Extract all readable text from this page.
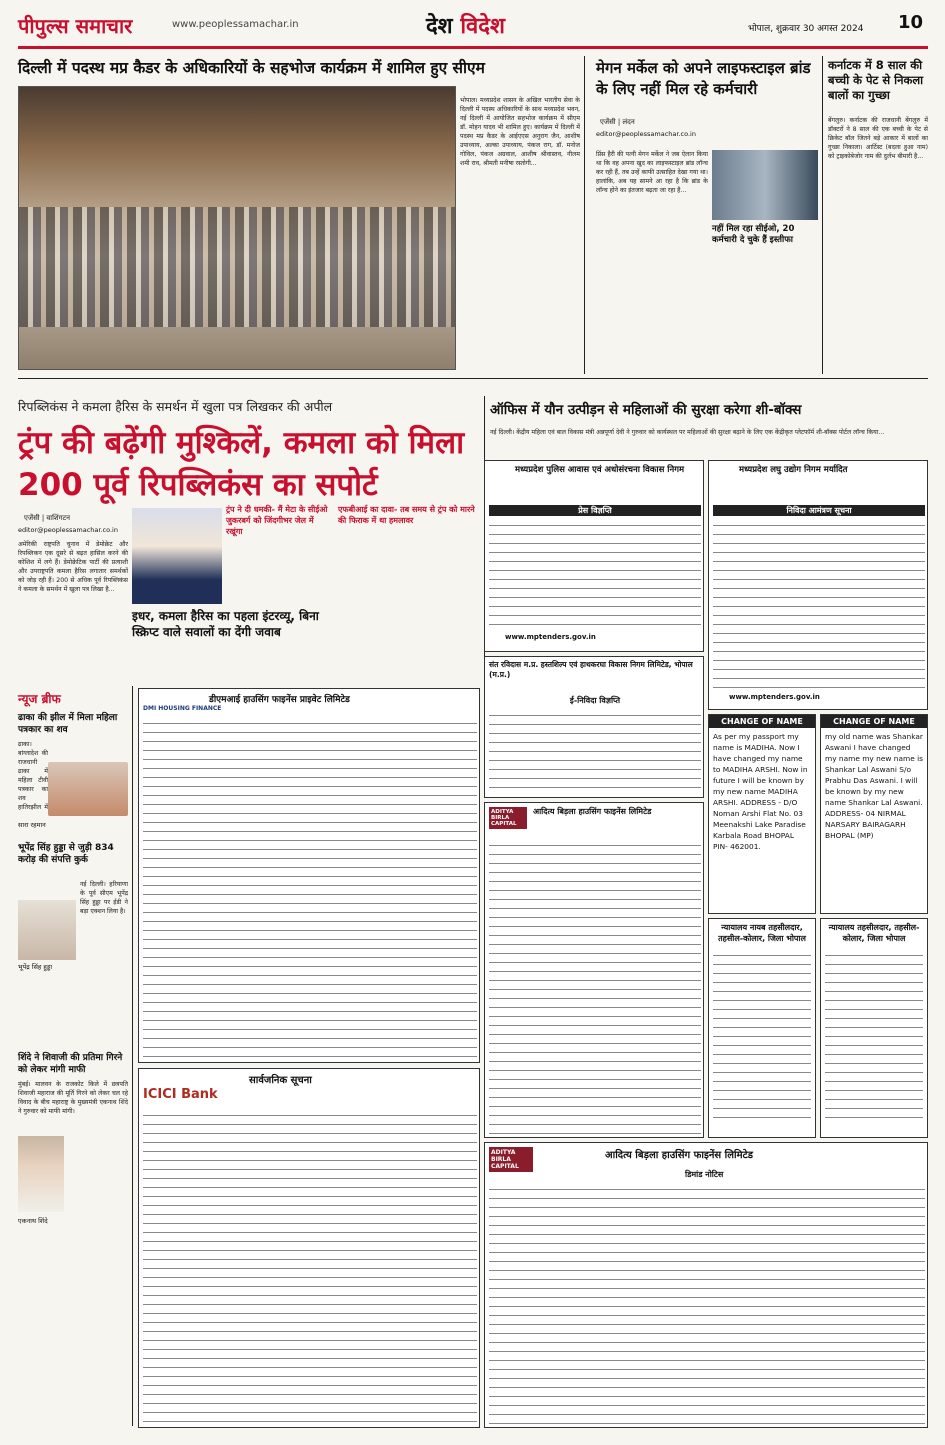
पीपुल्स समाचार	www.peoplessamachar.in	देश विदेश	भोपाल, शुक्रवार 30 अगस्त 2024 10
दिल्ली में पदस्थ मप्र कैडर के अधिकारियों के सहभोज कार्यक्रम में शामिल हुए सीएम
भोपाल। मध्यप्रदेश शासन के अखिल भारतीय सेवा के दिल्ली में पदस्थ अधिकारियों के साथ मध्यप्रदेश भवन, नई दिल्ली में आयोजित सहभोज कार्यक्रम में सीएम डॉ. मोहन यादव भी शामिल हुए। कार्यक्रम में दिल्ली में पदस्थ मप्र कैडर के आईएएस अनुराग जैन, आशीष उपाध्याय, अल्का उपाध्याय, पंकज राग, डॉ. मनोज गोविल, पंकज अग्रवाल, आशीष श्रीवास्तव, नीलम शमी राव, श्रीमती मनीषा रस्तोगी...
मेगन मर्केल को अपने लाइफस्टाइल ब्रांड के लिए नहीं मिल रहे कर्मचारी
एजेंसी | लंदन
editor@peoplessamachar.co.in
प्रिंस हैरी की पत्नी मेगन मर्केल ने जब ऐलान किया था कि वह अपना खुद का लाइफस्टाइल ब्रांड लॉन्च कर रही हैं, तब उन्हें काफी उत्साहित देखा गया था। हालांकि, अब यह सामने आ रहा है कि ब्रांड के लॉन्च होने का इंतजार बढ़ता जा रहा है...
नहीं मिल रहा सीईओ, 20 कर्मचारी दे चुके हैं इस्तीफा
कर्नाटक में 8 साल की बच्ची के पेट से निकला बालों का गुच्छा
बेंगलुरु। कर्नाटक की राजधानी बेंगलुरु में डॉक्टरों ने 8 साल की एक बच्ची के पेट से क्रिकेट बॉल जितने बड़े आकार में बालों का गुच्छा निकाला। आर्टिस्ट (बदला हुआ नाम) को ट्राइकोबेजोर नाम की दुर्लभ बीमारी है...
रिपब्लिकंस ने कमला हैरिस के समर्थन में खुला पत्र लिखकर की अपील
ट्रंप की बढ़ेंगी मुश्किलें, कमला को मिला 200 पूर्व रिपब्लिकंस का सपोर्ट
एजेंसी | वाशिंगटन
editor@peoplessamachar.co.in
अमेरिकी राष्ट्रपति चुनाव में डेमोक्रेट और रिपब्लिकन एक दूसरे से बढ़त हासिल करने की कोशिश में लगे हैं। डेमोक्रेटिक पार्टी की प्रत्याशी और उपराष्ट्रपति कमला हैरिस लगातार समर्थकों को जोड़ रही हैं। 200 से अधिक पूर्व रिपब्लिकंस ने कमला के समर्थन में खुला पत्र लिखा है...
ट्रंप ने दी धमकी- मैं मेटा के सीईओ जुकरबर्ग को जिंदगीभर जेल में रखूंगा
एफबीआई का दावा- तब समय से ट्रंप को मारने की फिराक में था हमलावर
इधर, कमला हैरिस का पहला इंटरव्यू, बिना स्क्रिप्ट वाले सवालों का देंगी जवाब
ऑफिस में यौन उत्पीड़न से महिलाओं की सुरक्षा करेगा शी-बॉक्स
नई दिल्ली। केंद्रीय महिला एवं बाल विकास मंत्री अन्नपूर्णा देवी ने गुरुवार को कार्यस्थल पर महिलाओं की सुरक्षा बढ़ाने के लिए एक केंद्रीकृत प्लेटफॉर्म शी-बॉक्स पोर्टल लॉन्च किया...
न्यूज ब्रीफ
ढाका की झील में मिला महिला पत्रकार का शव
सारा रहमान
ढाका। बांग्लादेश की राजधानी ढाका में महिला टीवी पत्रकार का शव हातिरझील में
भूपेंद्र सिंह हुड्डा से जुड़ी 834 करोड़ की संपत्ति कुर्क
भूपेंद्र सिंह हुड्डा
नई दिल्ली। हरियाणा के पूर्व सीएम भूपेंद्र सिंह हुड्डा पर ईडी ने बड़ा एक्शन लिया है।
शिंदे ने शिवाजी की प्रतिमा गिरने को लेकर मांगी माफी
मुंबई। मालवन के राजकोट किले में छत्रपति शिवाजी महाराज की मूर्ति गिरने को लेकर चल रहे विवाद के बीच महाराष्ट्र के मुख्यमंत्री एकनाथ शिंदे ने गुरुवार को माफी मांगी।
एकनाथ शिंदे
DMI HOUSING FINANCE
डीएमआई हाउसिंग फाइनेंस प्राइवेट लिमिटेड
सार्वजनिक सूचना
ICICI Bank
मध्यप्रदेश पुलिस आवास एवं अधोसंरचना विकास निगम
प्रेस विज्ञप्ति
www.mptenders.gov.in
संत रविदास म.प्र. हस्तशिल्प एवं हाथकरघा विकास निगम लिमिटेड, भोपाल (म.प्र.)
ई-निविदा विज्ञप्ति
मध्यप्रदेश लघु उद्योग निगम मर्यादित
निविदा आमंत्रण सूचना
www.mptenders.gov.in
CHANGE OF NAME
As per my passport my name is MADIHA. Now I have changed my name to MADIHA ARSHI. Now in future I will be known by my new name MADIHA ARSHI. ADDRESS - D/O Noman Arshi Flat No. 03 Meenakshi Lake Paradise Karbala Road BHOPAL PIN- 462001.
CHANGE OF NAME
my old name was Shankar Aswani I have changed my name my new name is Shankar Lal Aswani S/o Prabhu Das Aswani. I will be known by my new name Shankar Lal Aswani. ADDRESS- 04 NIRMAL NARSARY BAIRAGARH BHOPAL (MP)
ADITYA BIRLA CAPITAL
आदित्य बिड़ला हाउसिंग फाइनेंस लिमिटेड
न्यायालय नायब तहसीलदार, तहसील-कोलार, जिला भोपाल
न्यायालय तहसीलदार, तहसील-कोलार, जिला भोपाल
ADITYA BIRLA CAPITAL
आदित्य बिड़ला हाउसिंग फाइनेंस लिमिटेड
डिमांड नोटिस
